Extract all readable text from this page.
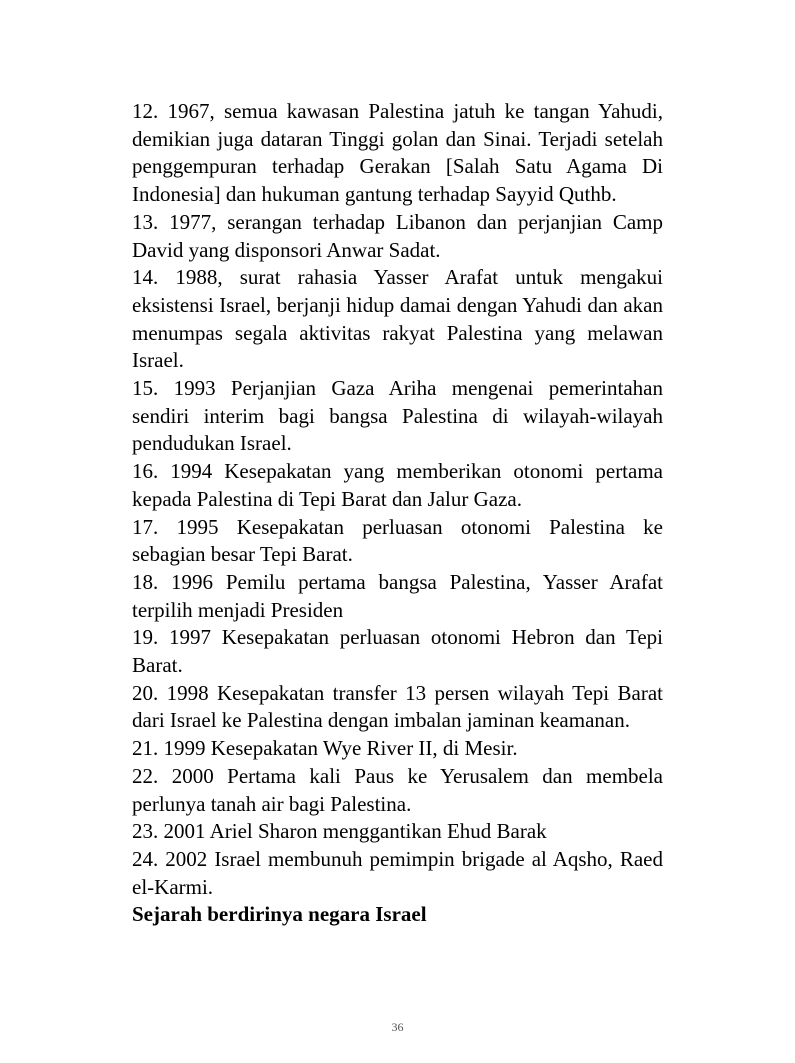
12. 1967, semua kawasan Palestina jatuh ke tangan Yahudi, demikian juga dataran Tinggi golan dan Sinai. Terjadi setelah penggempuran terhadap Gerakan [Salah Satu Agama Di Indonesia] dan hukuman gantung terhadap Sayyid Quthb.

13. 1977, serangan terhadap Libanon dan perjanjian Camp David yang disponsori Anwar Sadat.

14. 1988, surat rahasia Yasser Arafat untuk mengakui eksistensi Israel, berjanji hidup damai dengan Yahudi dan akan menumpas segala aktivitas rakyat Palestina yang melawan Israel.

15. 1993 Perjanjian Gaza Ariha mengenai pemerintahan sendiri interim bagi bangsa Palestina di wilayah-wilayah pendudukan Israel.

16. 1994 Kesepakatan yang memberikan otonomi pertama kepada Palestina di Tepi Barat dan Jalur Gaza.

17. 1995 Kesepakatan perluasan otonomi Palestina ke sebagian besar Tepi Barat.

18. 1996 Pemilu pertama bangsa Palestina, Yasser Arafat terpilih menjadi Presiden

19. 1997 Kesepakatan perluasan otonomi Hebron dan Tepi Barat.

20. 1998 Kesepakatan transfer 13 persen wilayah Tepi Barat dari Israel ke Palestina dengan imbalan jaminan keamanan.

21. 1999 Kesepakatan Wye River II, di Mesir.

22. 2000 Pertama kali Paus ke Yerusalem dan membela perlunya tanah air bagi Palestina.

23. 2001 Ariel Sharon menggantikan Ehud Barak

24. 2002 Israel membunuh pemimpin brigade al Aqsho, Raed el-Karmi.

Sejarah berdirinya negara Israel

36
